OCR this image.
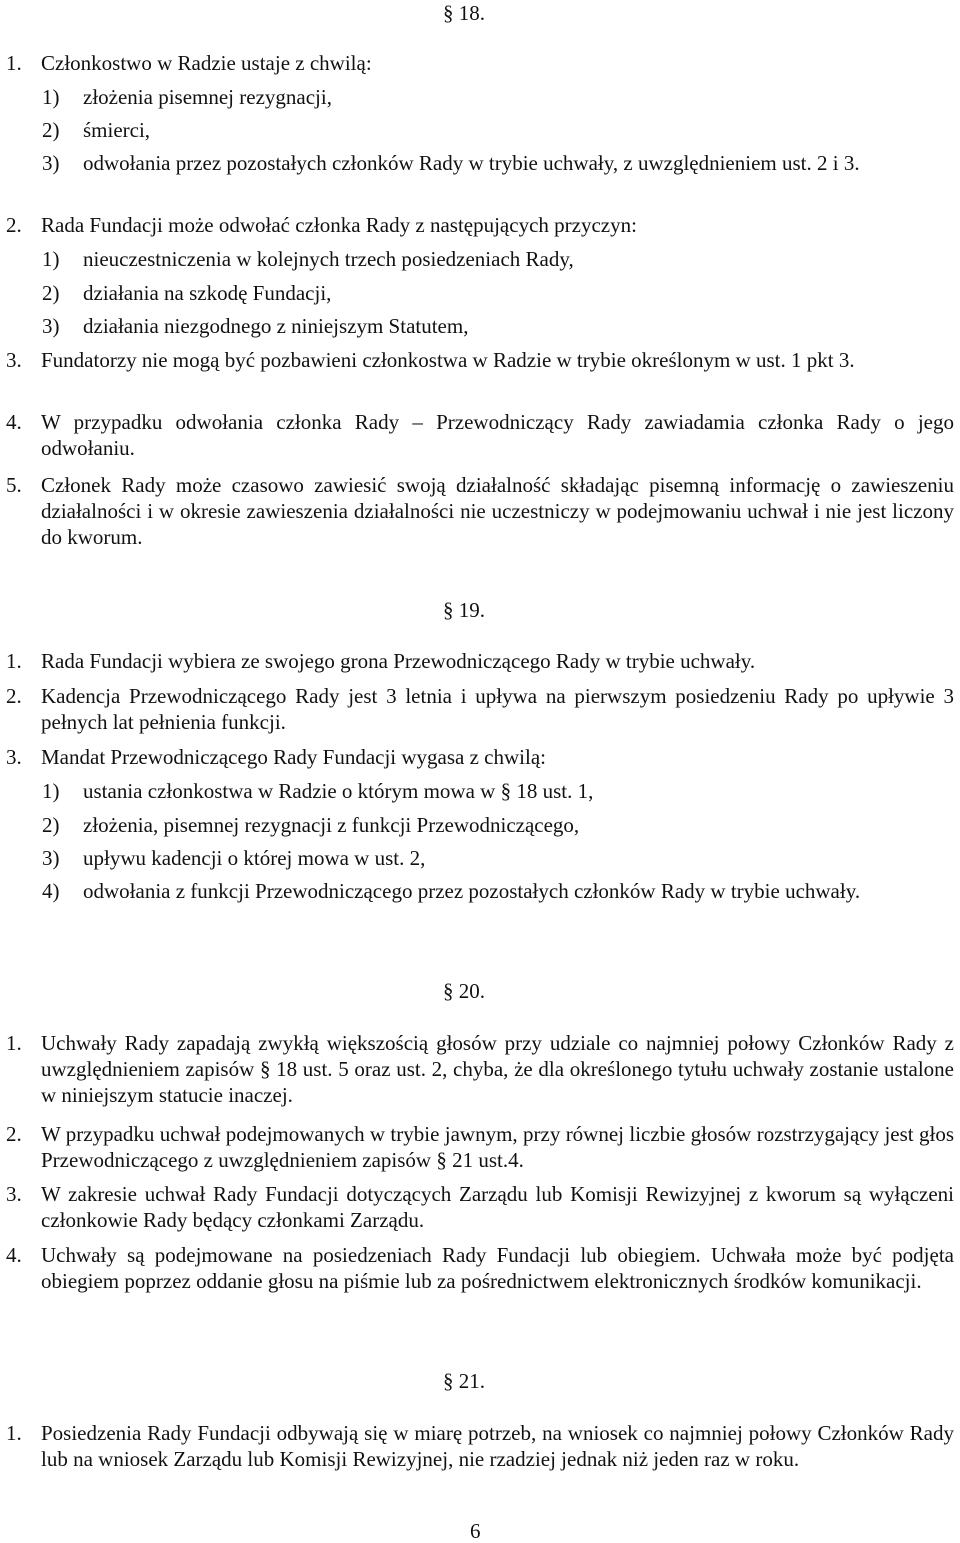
§ 18.
1. Członkostwo w Radzie ustaje z chwilą:
1)	złożenia pisemnej rezygnacji,
2)	śmierci,
3)	odwołania przez pozostałych członków Rady w trybie uchwały, z uwzględnieniem ust. 2 i 3.
2. Rada Fundacji może odwołać członka Rady z następujących przyczyn:
1)	nieuczestniczenia w kolejnych trzech posiedzeniach Rady,
2)	działania na szkodę Fundacji,
3)	działania niezgodnego z niniejszym Statutem,
3. Fundatorzy nie mogą być pozbawieni członkostwa w Radzie w trybie określonym w ust. 1 pkt 3.
4. W przypadku odwołania członka Rady – Przewodniczący Rady zawiadamia członka Rady o jego odwołaniu.
5. Członek Rady może czasowo zawiesić swoją działalność składając pisemną informację o zawieszeniu działalności i w okresie zawieszenia działalności nie uczestniczy w podejmowaniu uchwał i nie jest liczony do kworum.
§ 19.
1. Rada Fundacji wybiera ze swojego grona Przewodniczącego Rady w trybie uchwały.
2. Kadencja Przewodniczącego Rady jest 3 letnia i upływa na pierwszym posiedzeniu Rady po upływie 3 pełnych lat pełnienia funkcji.
3. Mandat Przewodniczącego Rady Fundacji wygasa z chwilą:
1)	ustania członkostwa w Radzie o którym mowa w § 18 ust. 1,
2)	złożenia, pisemnej rezygnacji z funkcji Przewodniczącego,
3)	upływu kadencji o której mowa w ust. 2,
4)	odwołania z funkcji Przewodniczącego przez pozostałych członków Rady w trybie uchwały.
§ 20.
1. Uchwały Rady zapadają zwykłą większością głosów przy udziale co najmniej połowy Członków Rady z uwzględnieniem zapisów § 18 ust. 5 oraz ust. 2, chyba, że dla określonego tytułu uchwały zostanie ustalone w niniejszym statucie inaczej.
2. W przypadku uchwał podejmowanych w trybie jawnym, przy równej liczbie głosów rozstrzygający jest głos Przewodniczącego z uwzględnieniem zapisów § 21 ust.4.
3. W zakresie uchwał Rady Fundacji dotyczących Zarządu lub Komisji Rewizyjnej z kworum są wyłączeni członkowie Rady będący członkami Zarządu.
4. Uchwały są podejmowane na posiedzeniach Rady Fundacji lub obiegiem. Uchwała może być podjęta obiegiem poprzez oddanie głosu na piśmie lub za pośrednictwem elektronicznych środków komunikacji.
§ 21.
1. Posiedzenia Rady Fundacji odbywają się w miarę potrzeb, na wniosek co najmniej połowy Członków Rady lub na wniosek Zarządu lub Komisji Rewizyjnej, nie rzadziej jednak niż jeden raz w roku.
6
